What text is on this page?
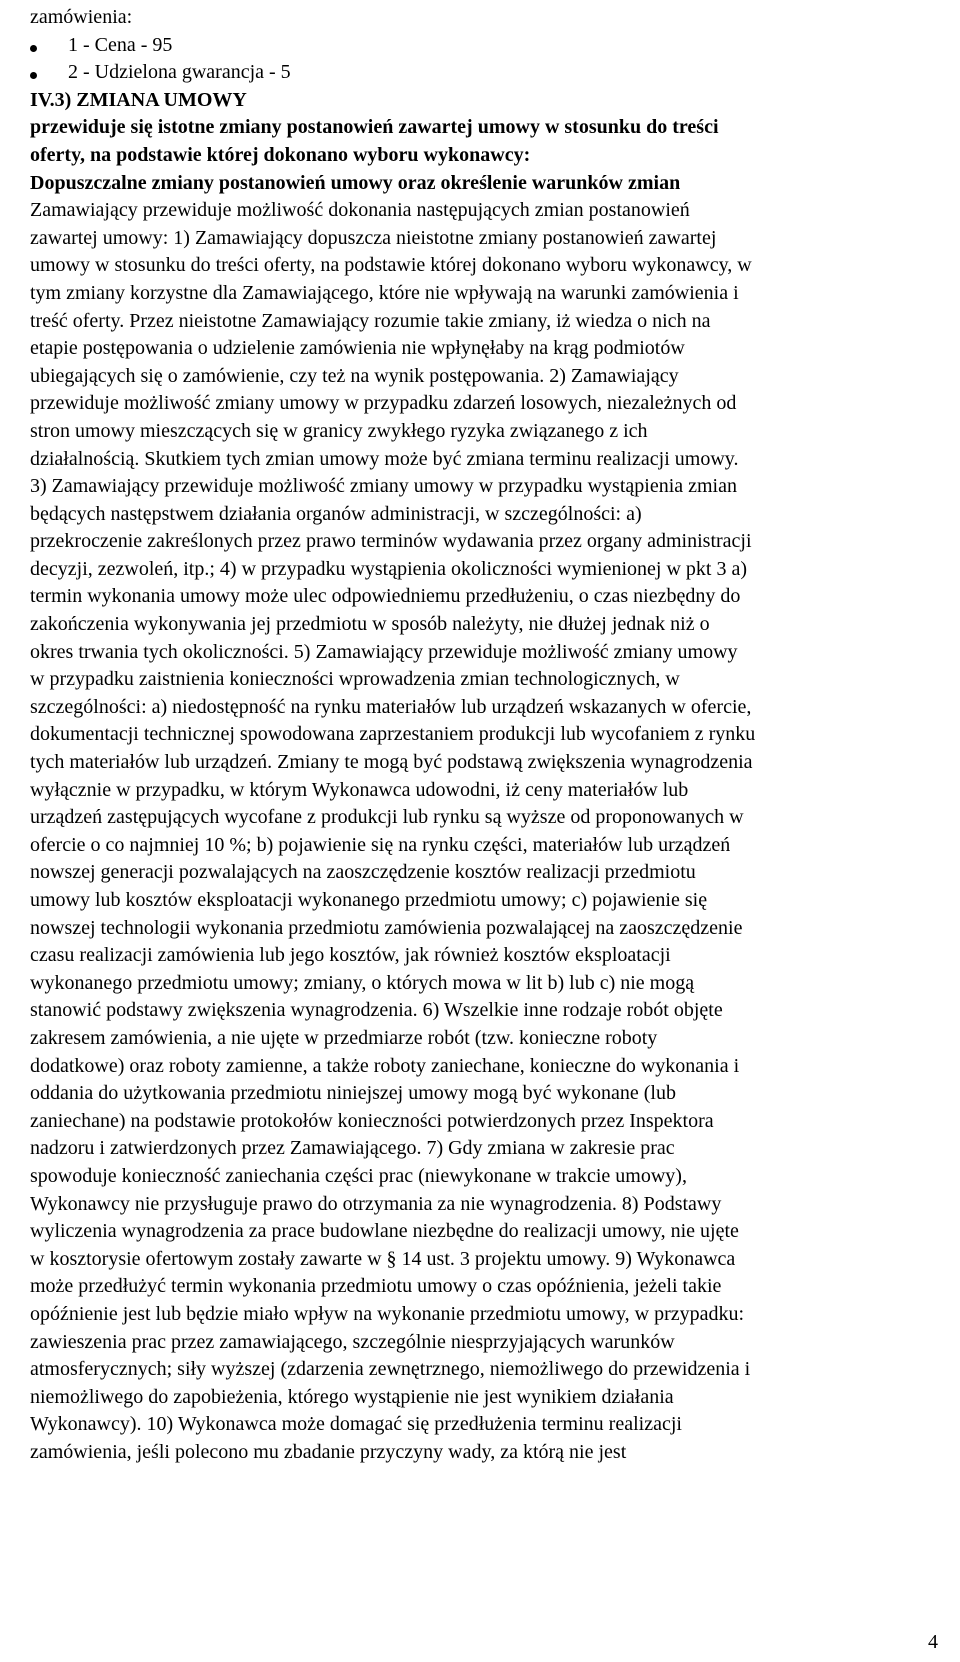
zamówienia:
1 - Cena - 95
2 - Udzielona gwarancja - 5
IV.3) ZMIANA UMOWY
przewiduje się istotne zmiany postanowień zawartej umowy w stosunku do treści
oferty, na podstawie której dokonano wyboru wykonawcy:
Dopuszczalne zmiany postanowień umowy oraz określenie warunków zmian
Zamawiający przewiduje możliwość dokonania następujących zmian postanowień
zawartej umowy: 1) Zamawiający dopuszcza nieistotne zmiany postanowień zawartej
umowy w stosunku do treści oferty, na podstawie której dokonano wyboru wykonawcy, w
tym zmiany korzystne dla Zamawiającego, które nie wpływają na warunki zamówienia i
treść oferty. Przez nieistotne Zamawiający rozumie takie zmiany, iż wiedza o nich na
etapie postępowania o udzielenie zamówienia nie wpłynęłaby na krąg podmiotów
ubiegających się o zamówienie, czy też na wynik postępowania. 2) Zamawiający
przewiduje możliwość zmiany umowy w przypadku zdarzeń losowych, niezależnych od
stron umowy mieszczących się w granicy zwykłego ryzyka związanego z ich
działalnością. Skutkiem tych zmian umowy może być zmiana terminu realizacji umowy.
3) Zamawiający przewiduje możliwość zmiany umowy w przypadku wystąpienia zmian
będących następstwem działania organów administracji, w szczególności: a)
przekroczenie zakreślonych przez prawo terminów wydawania przez organy administracji
decyzji, zezwoleń, itp.; 4) w przypadku wystąpienia okoliczności wymienionej w pkt 3 a)
termin wykonania umowy może ulec odpowiedniemu przedłużeniu, o czas niezbędny do
zakończenia wykonywania jej przedmiotu w sposób należyty, nie dłużej jednak niż o
okres trwania tych okoliczności. 5) Zamawiający przewiduje możliwość zmiany umowy
w przypadku zaistnienia konieczności wprowadzenia zmian technologicznych, w
szczególności: a) niedostępność na rynku materiałów lub urządzeń wskazanych w ofercie,
dokumentacji technicznej spowodowana zaprzestaniem produkcji lub wycofaniem z rynku
tych materiałów lub urządzeń. Zmiany te mogą być podstawą zwiększenia wynagrodzenia
wyłącznie w przypadku, w którym Wykonawca udowodni, iż ceny materiałów lub
urządzeń zastępujących wycofane z produkcji lub rynku są wyższe od proponowanych w
ofercie o co najmniej 10 %; b) pojawienie się na rynku części, materiałów lub urządzeń
nowszej generacji pozwalających na zaoszczędzenie kosztów realizacji przedmiotu
umowy lub kosztów eksploatacji wykonanego przedmiotu umowy; c) pojawienie się
nowszej technologii wykonania przedmiotu zamówienia pozwalającej na zaoszczędzenie
czasu realizacji zamówienia lub jego kosztów, jak również kosztów eksploatacji
wykonanego przedmiotu umowy; zmiany, o których mowa w lit b) lub c) nie mogą
stanowić podstawy zwiększenia wynagrodzenia. 6) Wszelkie inne rodzaje robót objęte
zakresem zamówienia, a nie ujęte w przedmiarze robót (tzw. konieczne roboty
dodatkowe) oraz roboty zamienne, a także roboty zaniechane, konieczne do wykonania i
oddania do użytkowania przedmiotu niniejszej umowy mogą być wykonane (lub
zaniechane) na podstawie protokołów konieczności potwierdzonych przez Inspektora
nadzoru i zatwierdzonych przez Zamawiającego. 7) Gdy zmiana w zakresie prac
spowoduje konieczność zaniechania części prac (niewykonane w trakcie umowy),
Wykonawcy nie przysługuje prawo do otrzymania za nie wynagrodzenia. 8) Podstawy
wyliczenia wynagrodzenia za prace budowlane niezbędne do realizacji umowy, nie ujęte
w kosztorysie ofertowym zostały zawarte w § 14 ust. 3 projektu umowy. 9) Wykonawca
może przedłużyć termin wykonania przedmiotu umowy o czas opóźnienia, jeżeli takie
opóźnienie jest lub będzie miało wpływ na wykonanie przedmiotu umowy, w przypadku:
zawieszenia prac przez zamawiającego, szczególnie niesprzyjających warunków
atmosferycznych; siły wyższej (zdarzenia zewnętrznego, niemożliwego do przewidzenia i
niemożliwego do zapobieżenia, którego wystąpienie nie jest wynikiem działania
Wykonawcy). 10) Wykonawca może domagać się przedłużenia terminu realizacji
zamówienia, jeśli polecono mu zbadanie przyczyny wady, za którą nie jest
4
